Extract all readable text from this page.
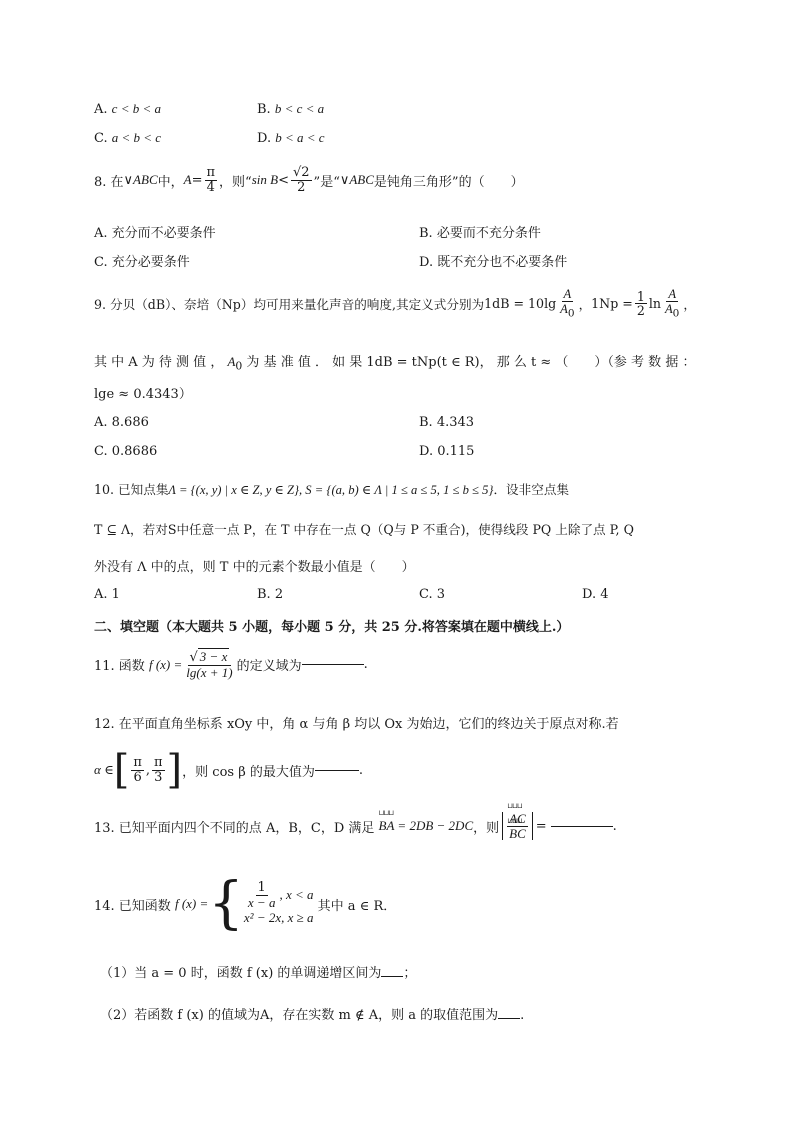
A. c < b < a	B. b < c < a
C. a < b < c	D. b < a < c
8. 在 ∨ABC 中， $A = \frac{\pi}{4}$ ，则“ $\sin B < \frac{√2}{2}$ ”是“ ∨ABC 是钝角三角形”的（　　）
A. 充分而不必要条件	B. 必要而不充分条件
C. 充分必要条件	D. 既不充分也不必要条件
9. 分贝（dB）、奈培（Np）均可用来量化声音的响度,其定义式分别为 $1dB = 10\lg \frac{A}{A_0}$ ， $1Np = \frac{1}{2}$ $\ln \frac{A}{A_0}$ ，
其 中 A 为 待 测 值 ， $A_0$ 为 基 准 值 ． 如 果 1dB = tNp(t ∈ R)， 那 么 t ≈ （　　）（参 考 数 据 ：
lge ≈ 0.4343）
A. 8.686	B. 4.343
C. 0.8686	D. 0.115
10. 已知点集Λ = {(x, y) | x ∈ Z, y ∈ Z}, S = {(a, b) ∈ Λ | 1 ≤ a ≤ 5, 1 ≤ b ≤ 5}．设非空点集
T ⊆ Λ，若对S中任意一点 P，在 T 中存在一点 Q（Q与 P 不重合)，使得线段 PQ 上除了点 P, Q
外没有 Λ 中的点，则 T 中的元素个数最小值是（　　）
A. 1	B. 2	C. 3	D. 4
二、填空题（本大题共 5 小题，每小题 5 分，共 25 分.将答案填在题中横线上.）
11. 函数
f $(x) = \frac{√ 3 - x}{\lg(x + 1)}$ 的定义域为	.
12. 在平面直角坐标系 xOy 中，角 α 与角 β 均以 Ox 为始边，它们的终边关于原点对称.若
α ∈ [ $\frac{\pi}{6}$ , $\frac{\pi}{3}$ ] ，则 cos β 的最大值为	.
13. 已知平面内四个不同的点 A，B，C，D 满足
⊔⊔⊔ BA = 2DB − 2DC ，则 ⊔⊔⊔ AC
⊔⊔⊔ BC =	.
14. 已知函数
f (x) = { $\frac{1}{x - a}$ , x < a
x² − 2x, x ≥ a

其中 a ∈ R．
（1）当 a = 0 时，函数 f (x) 的单调递增区间为 ；
（2）若函数 f (x) 的值域为A，存在实数 m ∉ A，则 a 的取值范围为 .
